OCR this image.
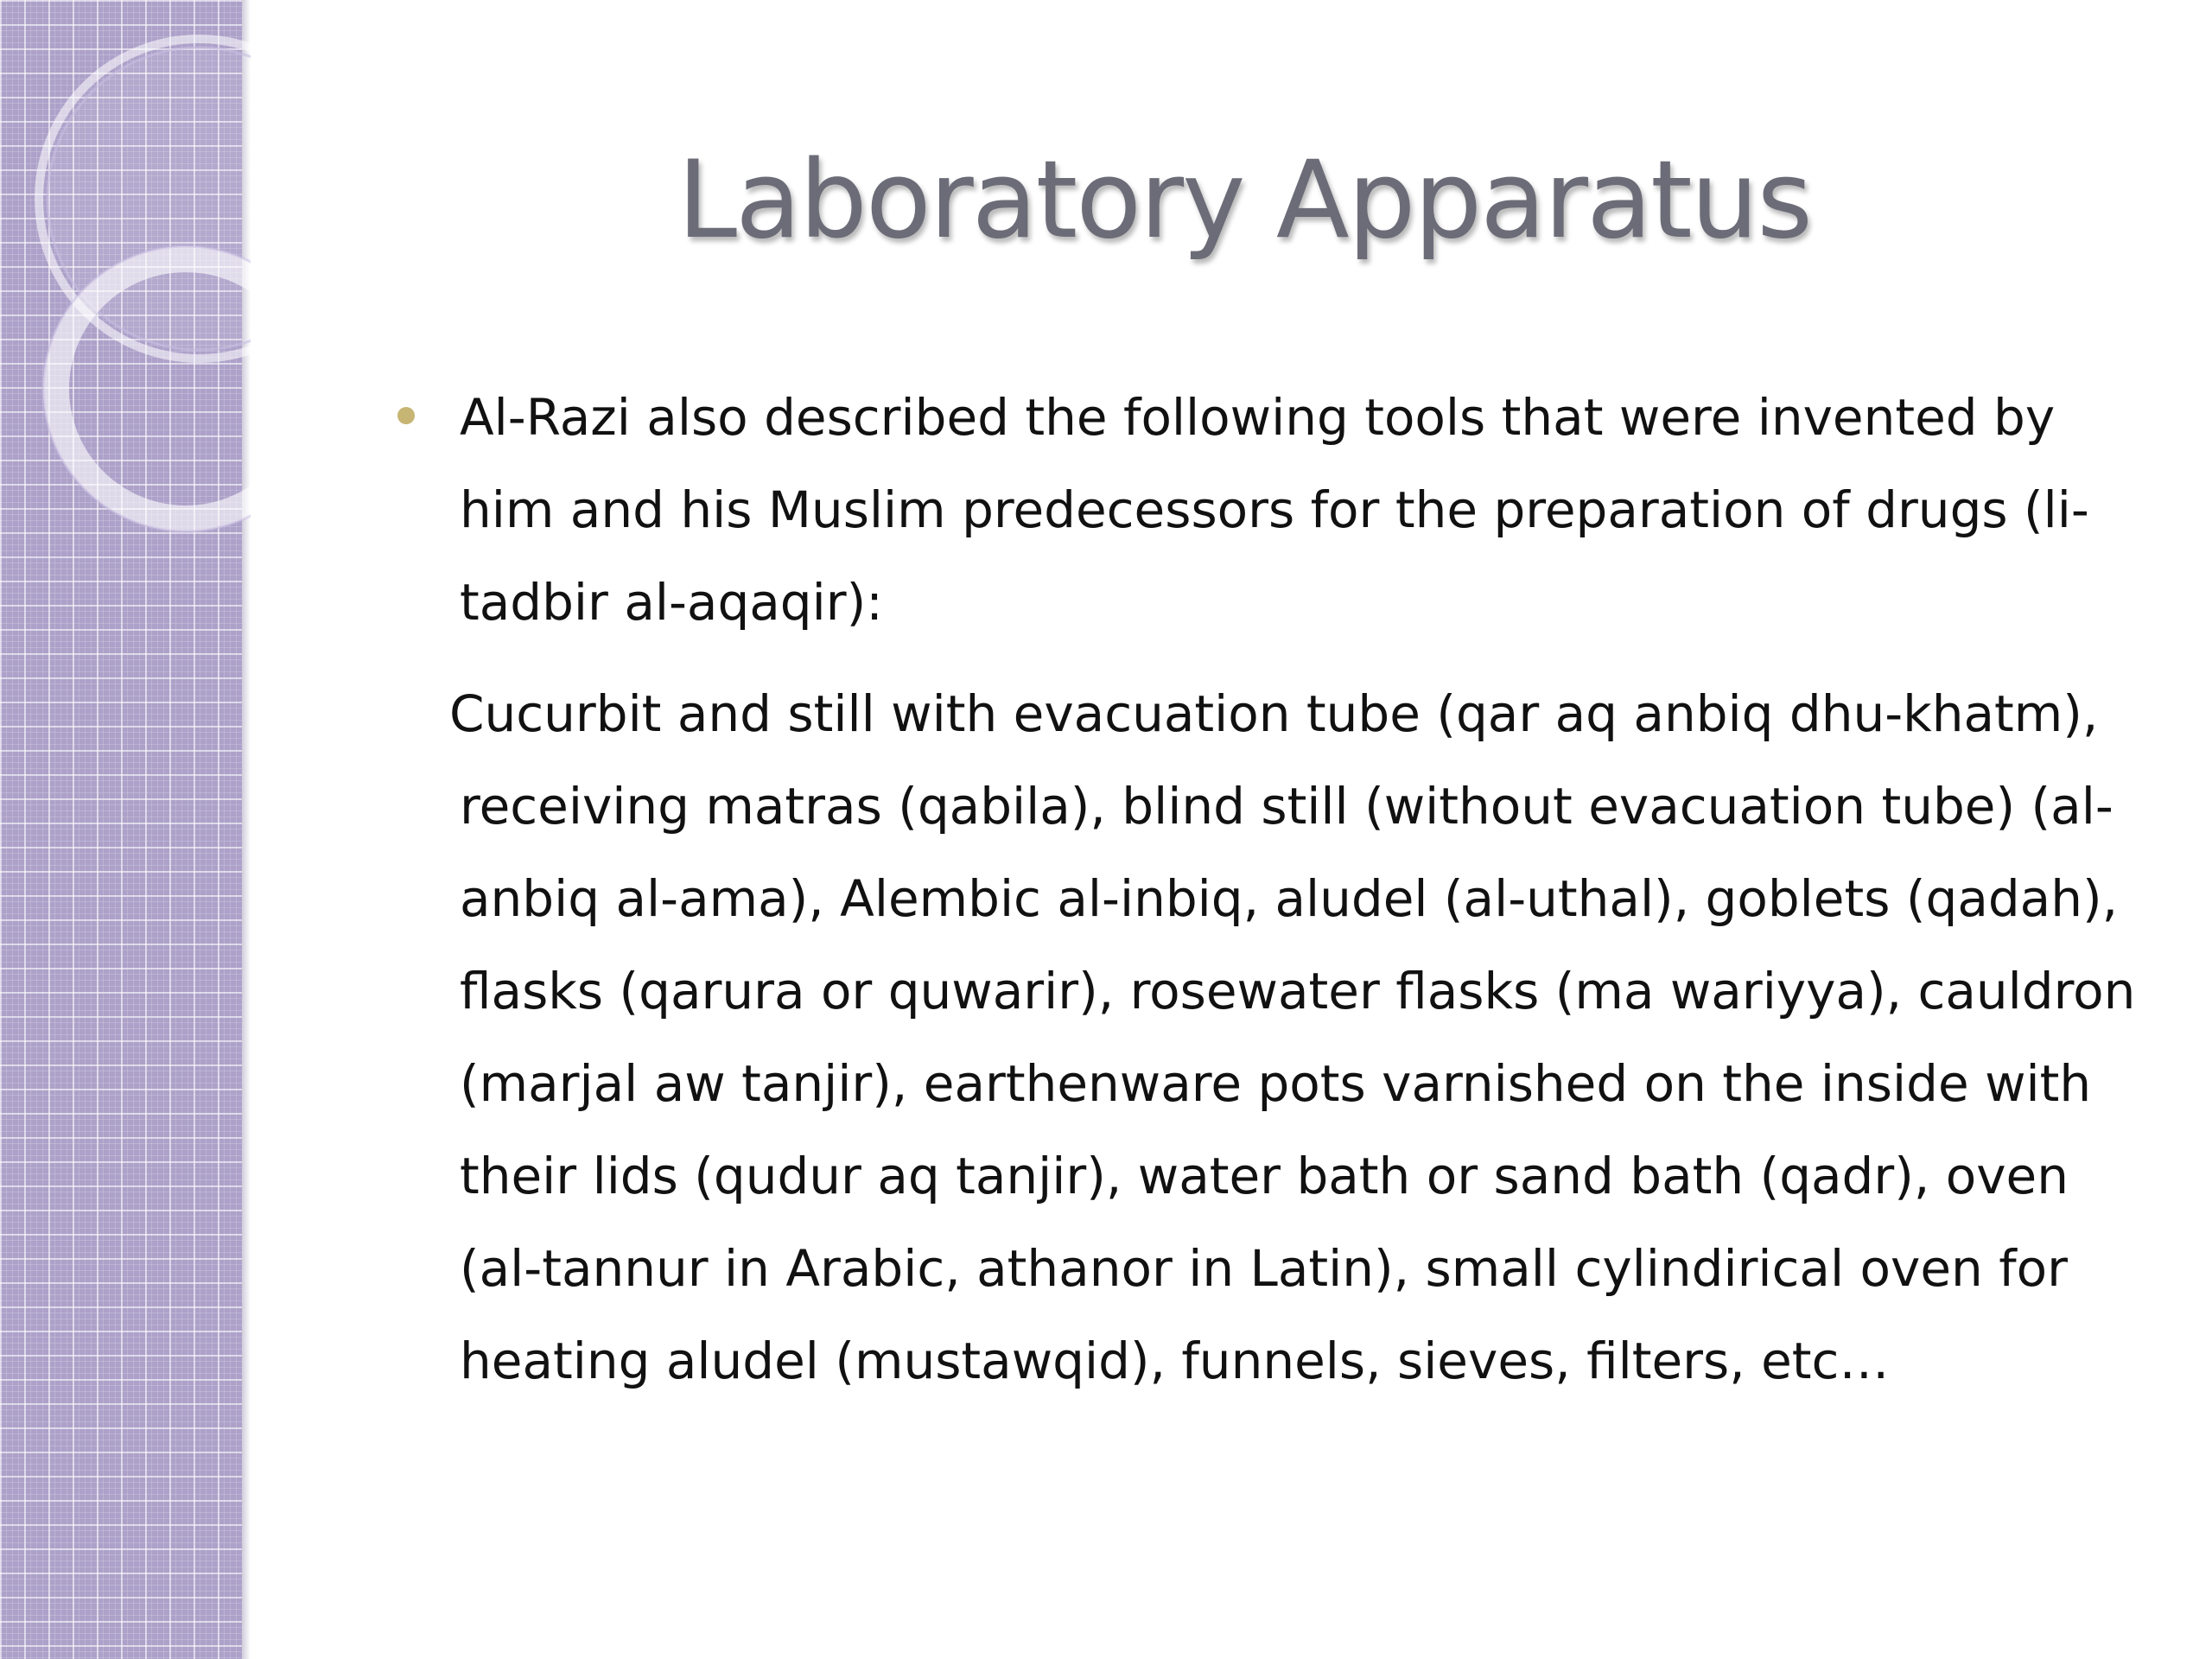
Laboratory Apparatus
Al-Razi also described the following tools that were invented by him and his Muslim predecessors for the preparation of drugs (li-tadbir al-aqaqir):
Cucurbit and still with evacuation tube (qar aq anbiq dhu-khatm), receiving matras (qabila), blind still (without evacuation tube) (al-anbiq al-ama), Alembic al-inbiq, aludel (al-uthal), goblets (qadah), flasks (qarura or quwarir), rosewater flasks (ma wariyya), cauldron (marjal aw tanjir), earthenware pots varnished on the inside with their lids (qudur aq tanjir), water bath or sand bath (qadr), oven (al-tannur in Arabic, athanor in Latin), small cylindirical oven for heating aludel (mustawqid), funnels, sieves, filters, etc…
